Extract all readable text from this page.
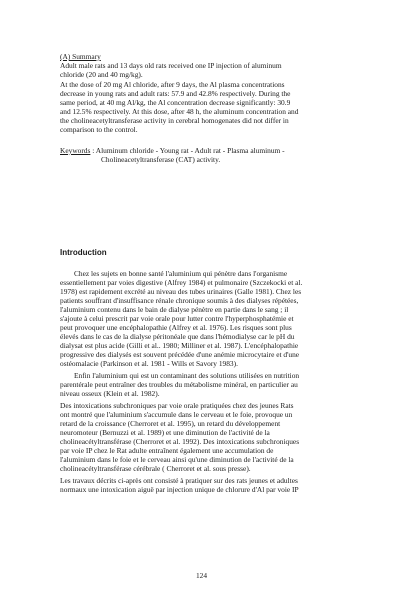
(A) Summary
Adult male rats and 13 days old rats received one IP injection of aluminum
chloride (20 and 40 mg/kg).
At the dose of 20 mg Al chloride, after 9 days, the Al plasma concentrations
decrease in young rats and adult rats: 57.9 and 42.8% respectively. During the
same period, at 40 mg Al/kg, the Al concentration decrease significantly: 30.9
and 12.5% respectively. At this dose, after 48 h, the aluminum concentration and
the cholineacetyltransferase activity in cerebral homogenates did not differ in
comparison to the control.
Keywords : Aluminum chloride - Young rat - Adult rat - Plasma aluminum -
Cholineacetyltransferase (CAT) activity.
Introduction
Chez les sujets en bonne santé l'aluminium qui pénètre dans l'organisme
essentiellement par voies digestive (Alfrey 1984) et pulmonaire (Szczekocki et al.
1978) est rapidement excrété au niveau des tubes urinaires (Galle 1981). Chez les
patients souffrant d'insuffisance rénale chronique soumis à des dialyses répétées,
l'aluminium contenu dans le bain de dialyse pénètre en partie dans le sang ; il
s'ajoute à celui prescrit par voie orale pour lutter contre l'hyperphosphatémie et
peut provoquer une encéphalopathie (Alfrey et al. 1976). Les risques sont plus
élevés dans le cas de la dialyse péritonéale que dans l'hémodialyse car le pH du
dialysat est plus acide (Gilli et al.. 1980; Milliner et al. 1987). L'encéphalopathie
progressive des dialysés est souvent précédée d'une anémie microcytaire et d'une
ostéomalacie (Parkinson et al. 1981 - Wills et Savory 1983).
Enfin l'aluminium qui est un contaminant des solutions utilisées en nutrition
parentérale peut entraîner des troubles du métabolisme minéral, en particulier au
niveau osseux (Klein et al. 1982).
Des intoxications subchroniques par voie orale pratiquées chez des jeunes Rats
ont montré que l'aluminium s'accumule dans le cerveau et le foie, provoque un
retard de la croissance (Cherroret et al. 1995), un retard du développement
neuromoteur (Bernuzzi et al. 1989) et une diminution de l'activité de la
cholineacétyltransférase (Cherroret et al. 1992). Des intoxications subchroniques
par voie IP chez le Rat adulte entraînent également une accumulation de
l'aluminium dans le foie et le cerveau ainsi qu'une diminution de l'activité de la
cholineacétyltransférase cérébrale ( Cherroret et al. sous presse).
Les travaux décrits ci-après ont consisté à pratiquer sur des rats jeunes et adultes
normaux une intoxication aiguë par injection unique de chlorure d'Al par voie IP
124
